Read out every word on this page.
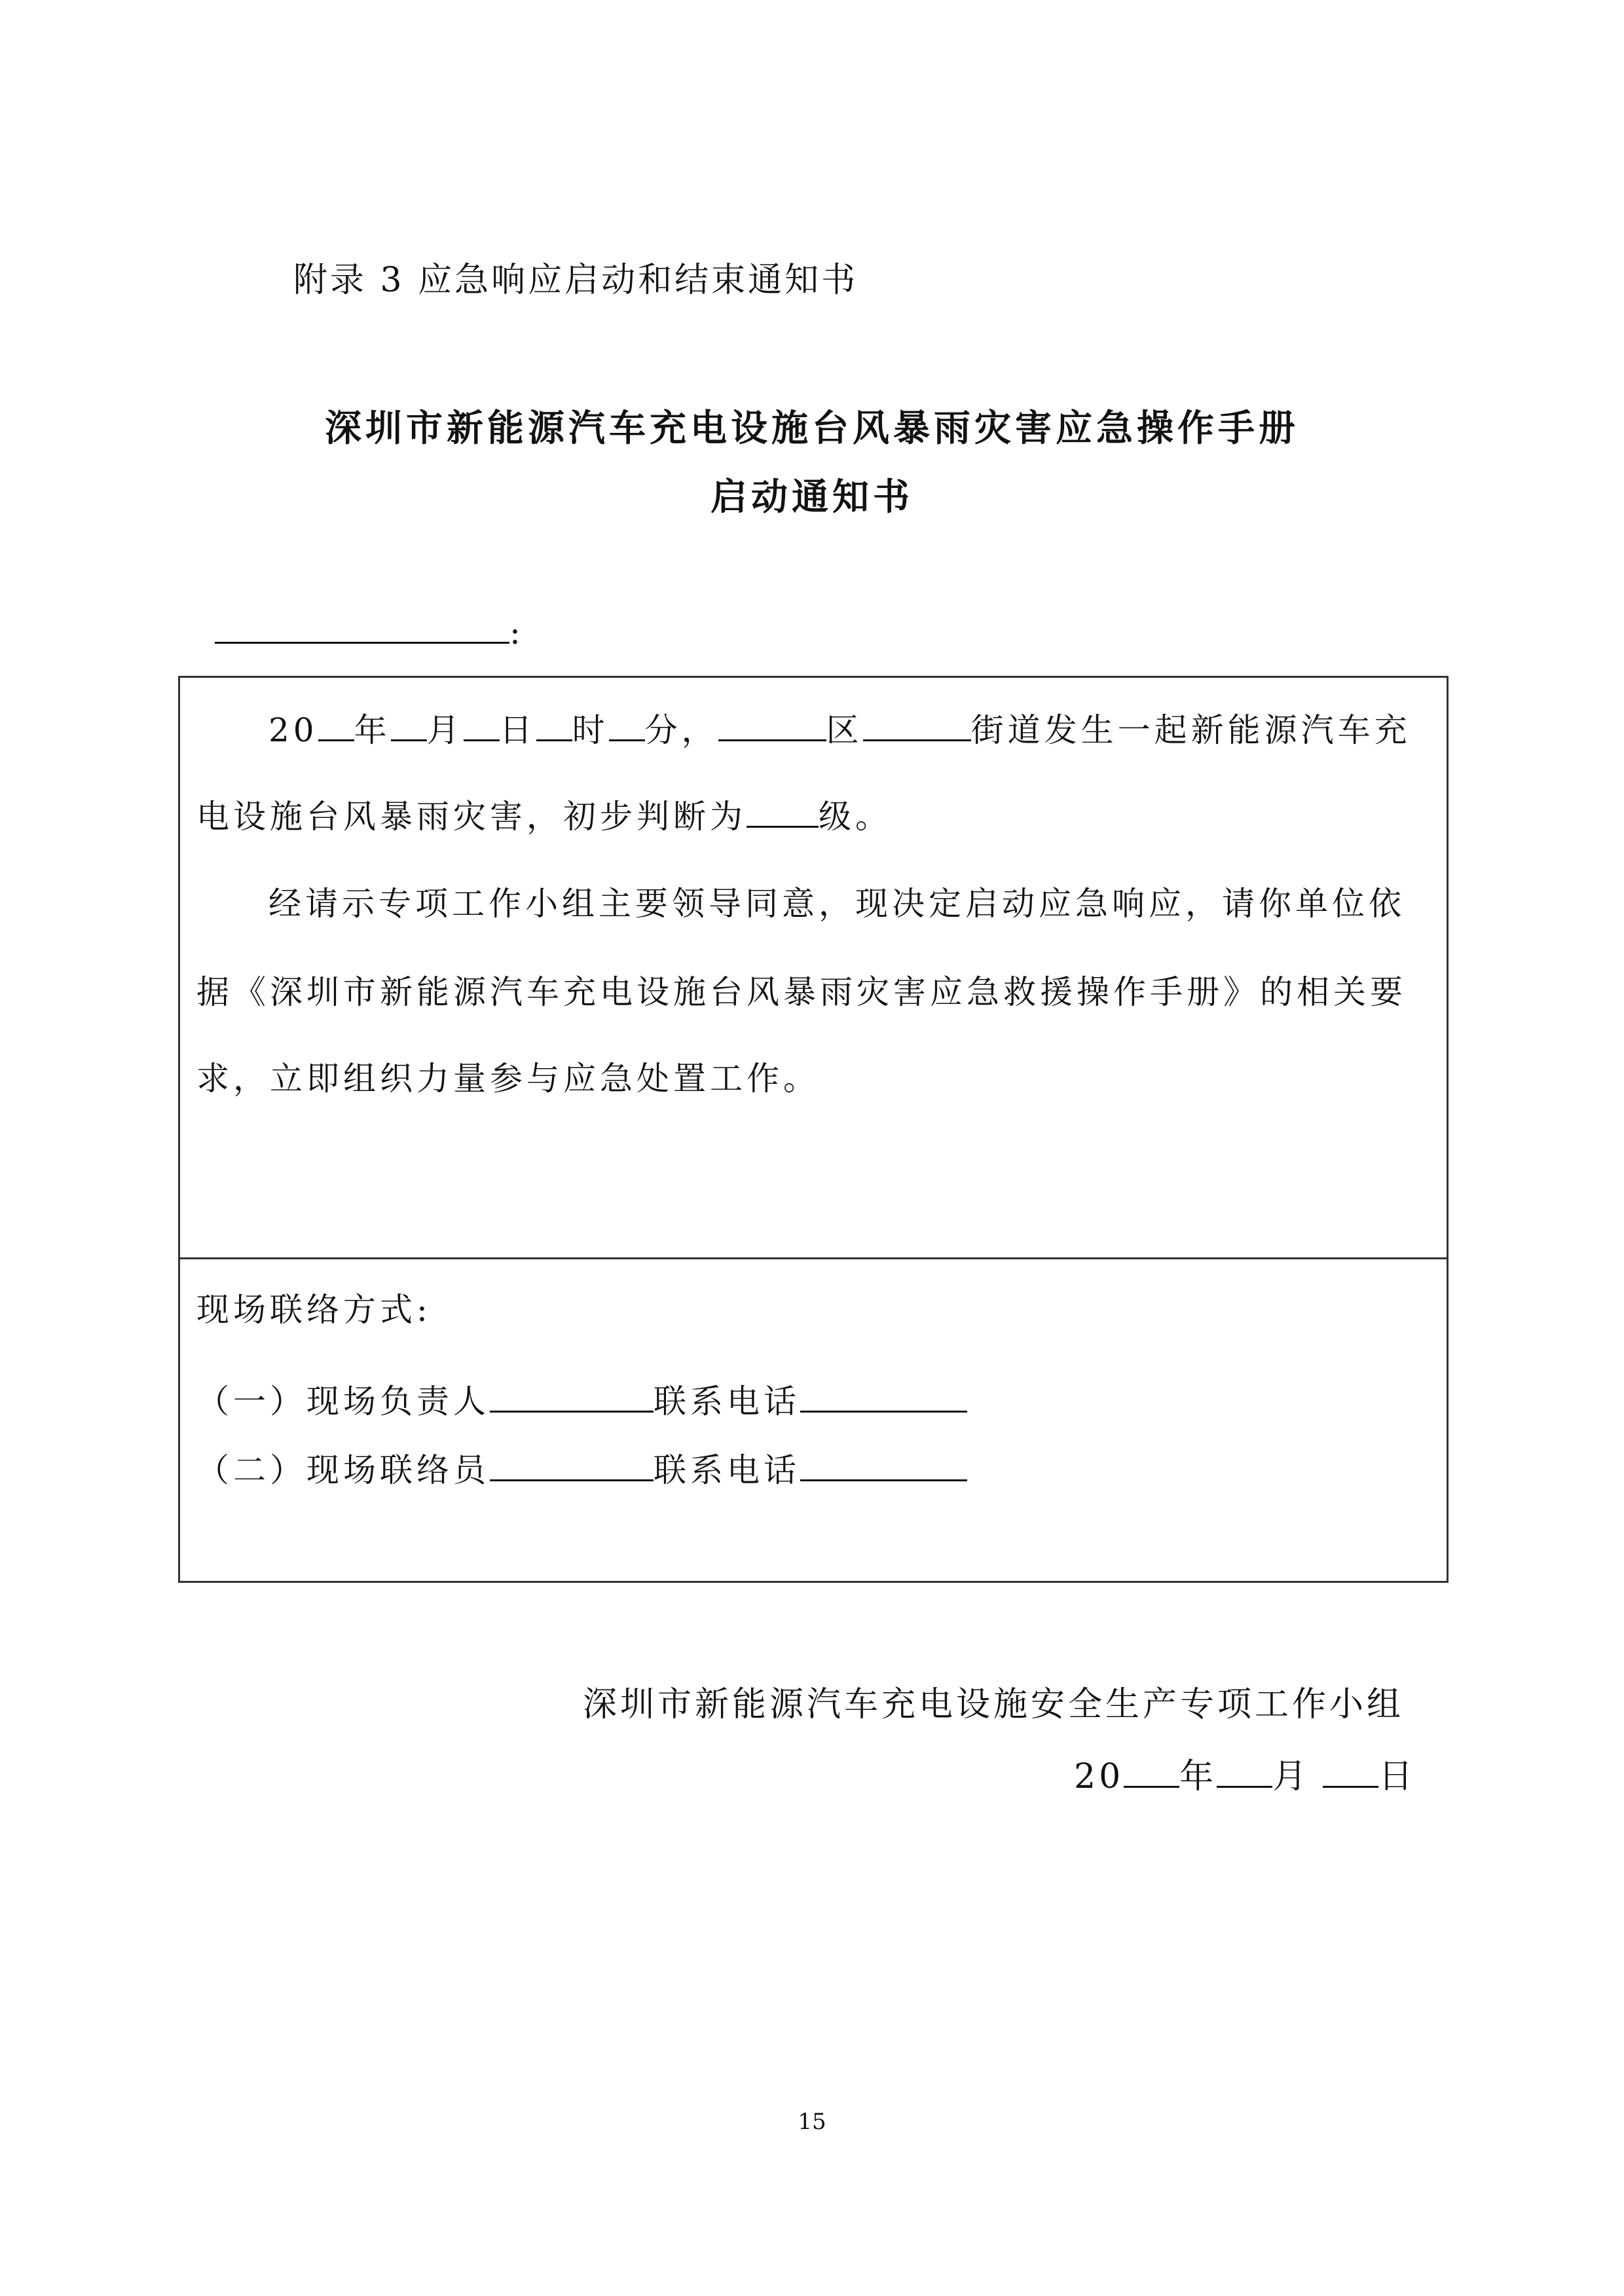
附录 3 应急响应启动和结束通知书
深圳市新能源汽车充电设施台风暴雨灾害应急操作手册
启动通知书
:
20 年 月 日 时 分，	区	街道发生一起新能源汽车充
电设施台风暴雨灾害，初步判断为 级。
经请示专项工作小组主要领导同意，现决定启动应急响应，请你单位依
据《深圳市新能源汽车充电设施台风暴雨灾害应急救援操作手册》的相关要
求，立即组织力量参与应急处置工作。
现场联络方式:
（一）现场负责人	联系电话
（二）现场联络员	联系电话
深圳市新能源汽车充电设施安全生产专项工作小组
20 年 月 日
15
